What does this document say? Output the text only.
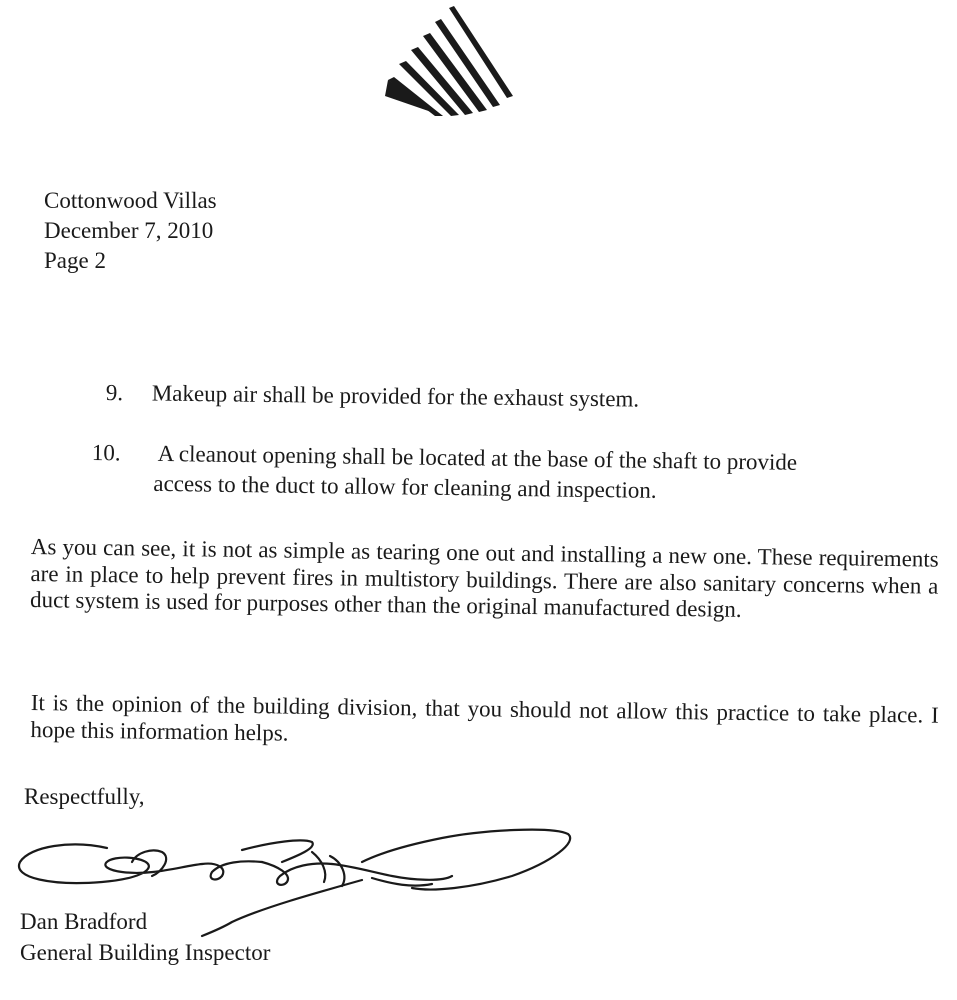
Cottonwood Villas
December 7, 2010
Page 2
9. Makeup air shall be provided for the exhaust system.
10. A cleanout opening shall be located at the base of the shaft to provide
access to the duct to allow for cleaning and inspection.

As you can see, it is not as simple as tearing one out and installing a new one. These requirements are in place to help prevent fires in multistory buildings. There are also sanitary concerns when a duct system is used for purposes other than the original manufactured design.

It is the opinion of the building division, that you should not allow this practice to take place. I hope this information helps.

Respectfully,
Dan Bradford
General Building Inspector
